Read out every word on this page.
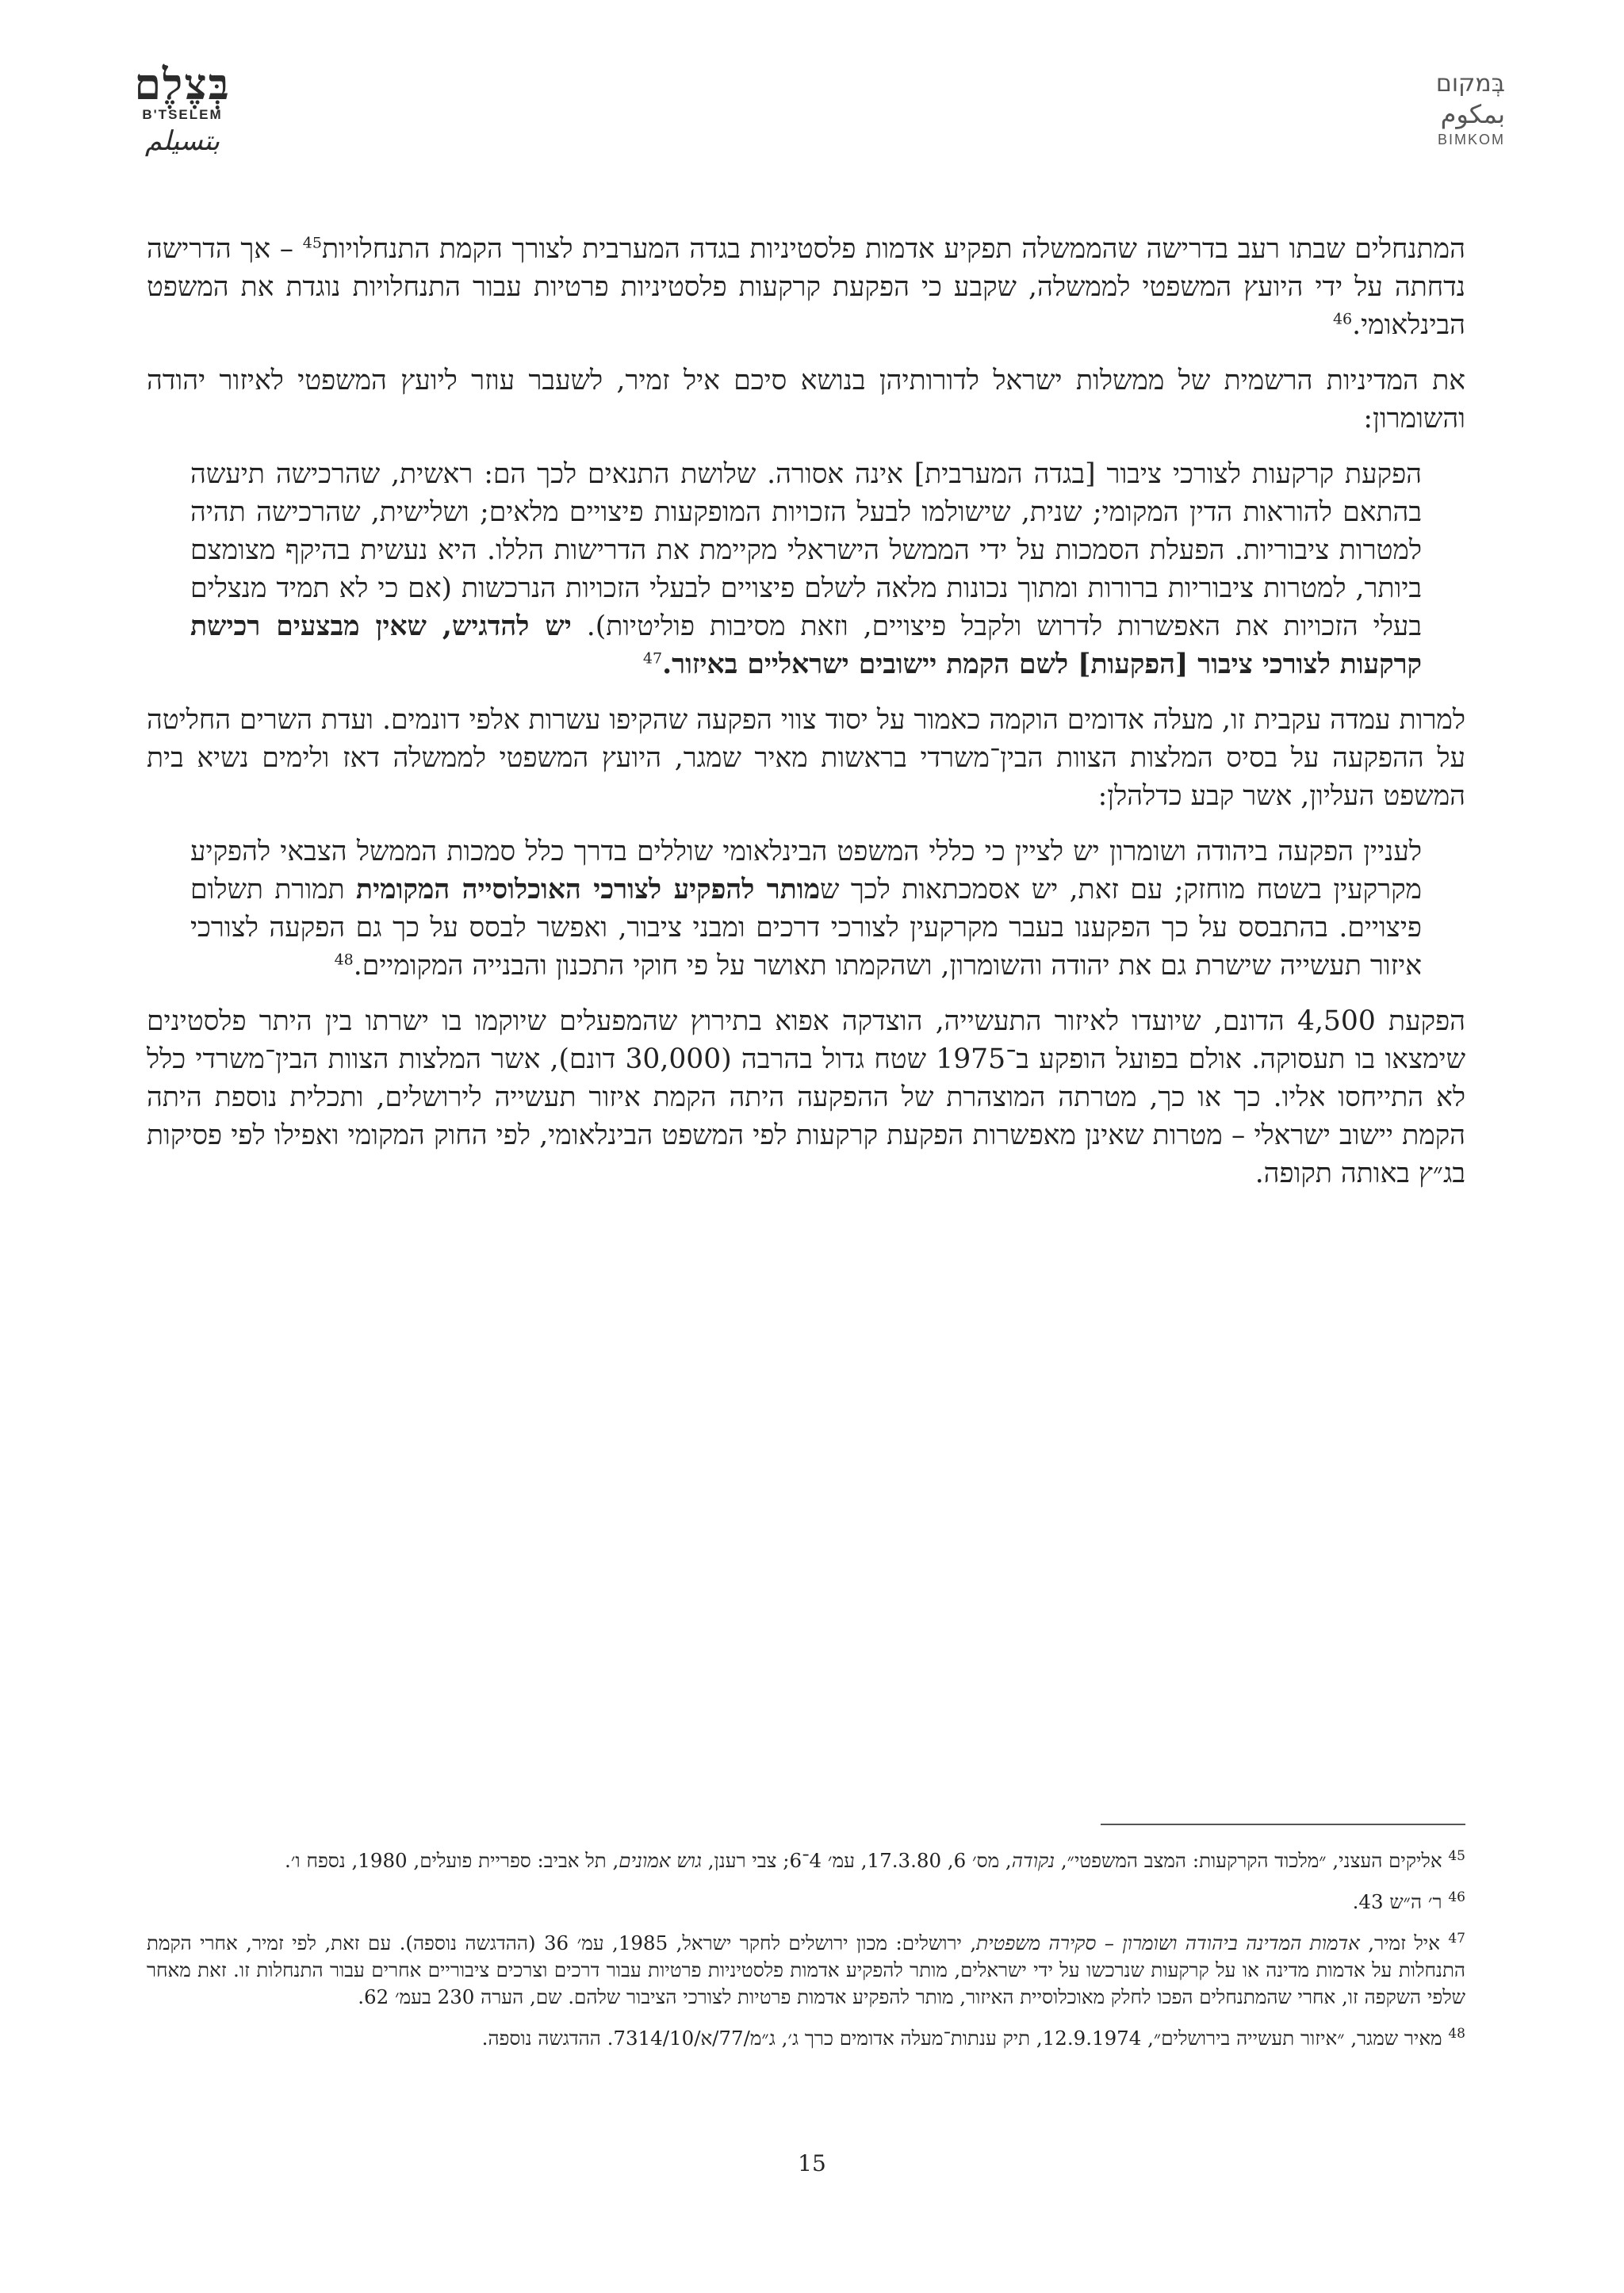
בְּצֶלֶם
B'TSELEM
بتسيلم
בְּמקום
بمكوم
BIMKOM

המתנחלים שבתו רעב בדרישה שהממשלה תפקיע אדמות פלסטיניות בגדה המערבית לצורך הקמת התנחלויות$^{45}$ – אך הדרישה נדחתה על ידי היועץ המשפטי לממשלה, שקבע כי הפקעת קרקעות פלסטיניות פרטיות עבור התנחלויות נוגדת את המשפט הבינלאומי.$^{46}$

את המדיניות הרשמית של ממשלות ישראל לדורותיהן בנושא סיכם איל זמיר, לשעבר עוזר ליועץ המשפטי לאיזור יהודה והשומרון:

הפקעת קרקעות לצורכי ציבור [בגדה המערבית] אינה אסורה. שלושת התנאים לכך הם: ראשית, שהרכישה תיעשה בהתאם להוראות הדין המקומי; שנית, שישולמו לבעל הזכויות המופקעות פיצויים מלאים; ושלישית, שהרכישה תהיה למטרות ציבוריות. הפעלת הסמכות על ידי הממשל הישראלי מקיימת את הדרישות הללו. היא נעשית בהיקף מצומצם ביותר, למטרות ציבוריות ברורות ומתוך נכונות מלאה לשלם פיצויים לבעלי הזכויות הנרכשות (אם כי לא תמיד מנצלים בעלי הזכויות את האפשרות לדרוש ולקבל פיצויים, וזאת מסיבות פוליטיות). יש להדגיש, שאין מבצעים רכישת קרקעות לצורכי ציבור [הפקעות] לשם הקמת יישובים ישראליים באיזור.$^{47}$

למרות עמדה עקבית זו, מעלה אדומים הוקמה כאמור על יסוד צווי הפקעה שהקיפו עשרות אלפי דונמים. ועדת השרים החליטה על ההפקעה על בסיס המלצות הצוות הבין־משרדי בראשות מאיר שמגר, היועץ המשפטי לממשלה דאז ולימים נשיא בית המשפט העליון, אשר קבע כדלהלן:

לעניין הפקעה ביהודה ושומרון יש לציין כי כללי המשפט הבינלאומי שוללים בדרך כלל סמכות הממשל הצבאי להפקיע מקרקעין בשטח מוחזק; עם זאת, יש אסמכתאות לכך שמותר להפקיע לצורכי האוכלוסייה המקומית תמורת תשלום פיצויים. בהתבסס על כך הפקענו בעבר מקרקעין לצורכי דרכים ומבני ציבור, ואפשר לבסס על כך גם הפקעה לצורכי איזור תעשייה שישרת גם את יהודה והשומרון, ושהקמתו תאושר על פי חוקי התכנון והבנייה המקומיים.$^{48}$

הפקעת 4,500 הדונם, שיועדו לאיזור התעשייה, הוצדקה אפוא בתירוץ שהמפעלים שיוקמו בו ישרתו בין היתר פלסטינים שימצאו בו תעסוקה. אולם בפועל הופקע ב־1975 שטח גדול בהרבה (30,000 דונם), אשר המלצות הצוות הבין־משרדי כלל לא התייחסו אליו. כך או כך, מטרתה המוצהרת של ההפקעה היתה הקמת איזור תעשייה לירושלים, ותכלית נוספת היתה הקמת יישוב ישראלי – מטרות שאינן מאפשרות הפקעת קרקעות לפי המשפט הבינלאומי, לפי החוק המקומי ואפילו לפי פסיקות בג״ץ באותה תקופה.

$^{45}$ אליקים העצני, ״מלכוד הקרקעות: המצב המשפטי״, נקודה, מס׳ 6, 17.3.80, עמ׳ 4־6; צבי רענן, גוש אמונים, תל אביב: ספריית פועלים, 1980, נספח ו׳.
$^{46}$ ר׳ ה״ש 43.
$^{47}$ איל זמיר, אדמות המדינה ביהודה ושומרון – סקירה משפטית, ירושלים: מכון ירושלים לחקר ישראל, 1985, עמ׳ 36 (ההדגשה נוספה). עם זאת, לפי זמיר, אחרי הקמת התנחלות על אדמות מדינה או על קרקעות שנרכשו על ידי ישראלים, מותר להפקיע אדמות פלסטיניות פרטיות עבור דרכים וצרכים ציבוריים אחרים עבור התנחלות זו. זאת מאחר שלפי השקפה זו, אחרי שהמתנחלים הפכו לחלק מאוכלוסיית האיזור, מותר להפקיע אדמות פרטיות לצורכי הציבור שלהם. שם, הערה 230 בעמ׳ 62.
$^{48}$ מאיר שמגר, ״איזור תעשייה בירושלים״, 12.9.1974, תיק ענתות־מעלה אדומים כרך ג׳, ג״מ/77/א/7314/10. ההדגשה נוספה.
15
